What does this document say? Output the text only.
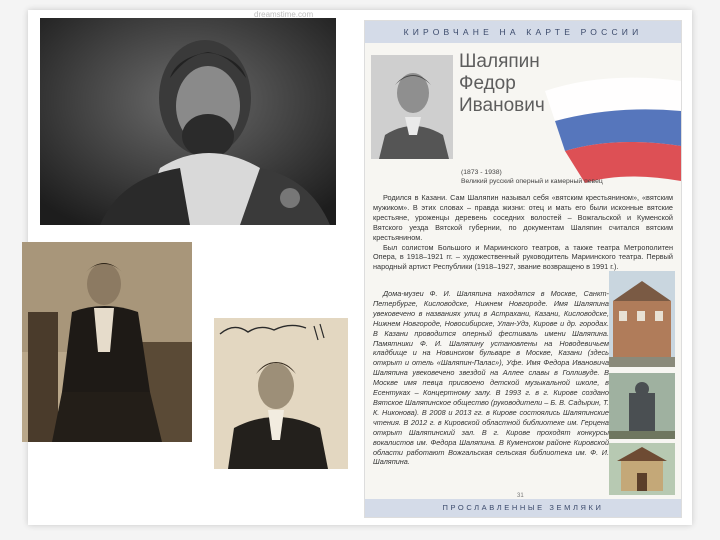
dreamstime.com
КИРОВЧАНЕ НА КАРТЕ РОССИИ
Шаляпин
Федор
Иванович
(1873 - 1938)
Великий русский оперный и камерный певец

Родился в Казани. Сам Шаляпин называл себя «вятским крестьянином», «вятским мужиком». В этих словах – правда жизни: отец и мать его были исконные вятские крестьяне, уроженцы деревень соседних волостей – Вожгальской и Куменской Вятского уезда Вятской губернии, по документам Шаляпин считался вятским крестьянином.

Был солистом Большого и Мариинского театров, а также театра Метрополитен Опера, в 1918–1921 гг. – художественный руководитель Мариинского театра. Первый народный артист Республики (1918–1927, звание возвращено в 1991 г.).

Дома-музеи Ф. И. Шаляпина находятся в Москве, Санкт-Петербурге, Кисловодске, Нижнем Новгороде. Имя Шаляпина увековечено в названиях улиц в Астрахани, Казани, Кисловодске, Нижнем Новгороде, Новосибирске, Улан-Удэ, Кирове и др. городах. В Казани проводится оперный фестиваль имени Шаляпина. Памятники Ф. И. Шаляпину установлены на Новодевичьем кладбище и на Новинском бульваре в Москве, Казани (здесь открыт и отель «Шаляпин-Палас»), Уфе. Имя Федора Ивановича Шаляпина увековечено звездой на Аллее славы в Голливуде. В Москве имя певца присвоено детской музыкальной школе, в Есентуках – Концертному залу. В 1993 г. в г. Кирове создано Вятское Шаляпинское общество (руководители – Б. В. Садырин, Т. К. Никонова). В 2008 и 2013 гг. в Кирове состоялись Шаляпинские чтения. В 2012 г. в Кировской областной библиотеке им. Герцена открыт Шаляпинский зал. В г. Кирове проходят конкурсы вокалистов им. Федора Шаляпина. В Куменском районе Кировской области работают Вожгальская сельская библиотека им. Ф. И. Шаляпина.

31
ПРОСЛАВЛЕННЫЕ ЗЕМЛЯКИ
